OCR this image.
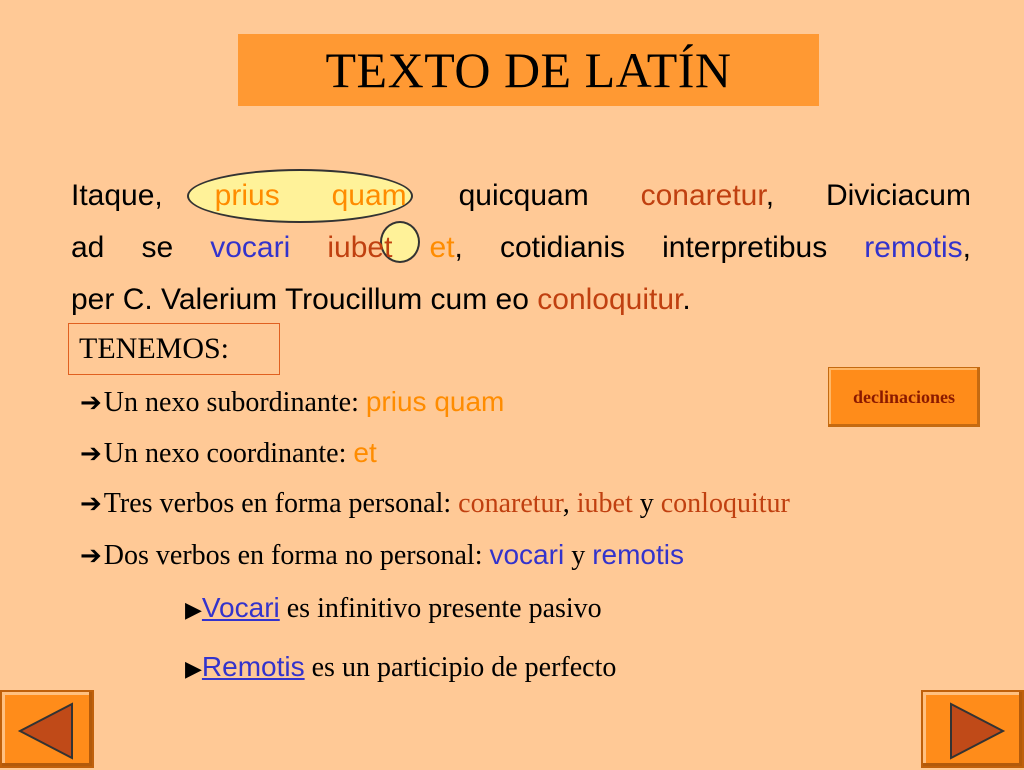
TEXTO DE LATÍN
Itaque, prius quam quicquam conaretur, Diviciacum
ad se vocari iubet et, cotidianis interpretibus remotis,
per C. Valerium Troucillum cum eo conloquitur.
TENEMOS:
declinaciones
➔Un nexo subordinante: prius quam
➔Un nexo coordinante: et
➔Tres verbos en forma personal: conaretur, iubet y conloquitur
➔Dos verbos en forma no personal: vocari y remotis
▶Vocari es infinitivo presente pasivo
▶Remotis es un participio de perfecto
